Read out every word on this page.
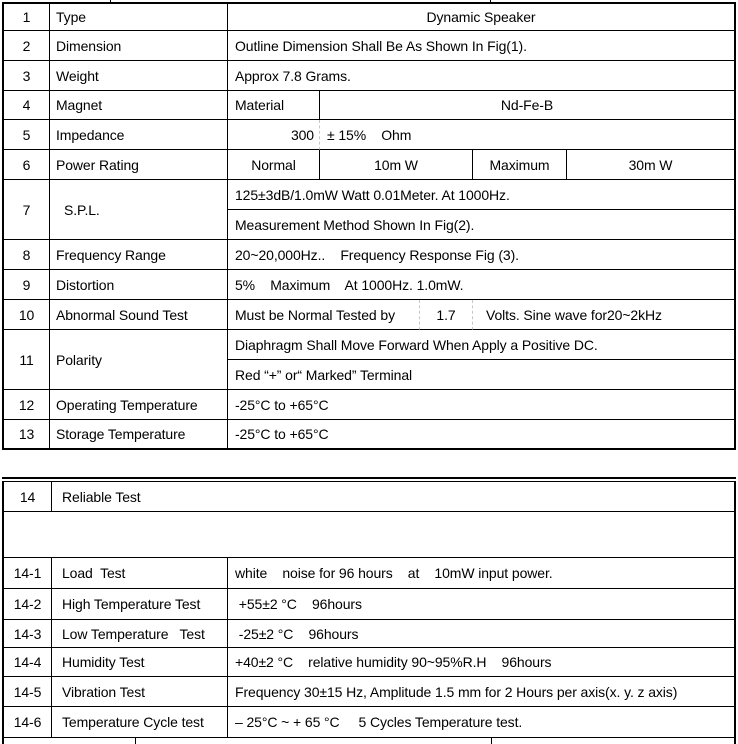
1	Type	Dynamic Speaker
2	Dimension	Outline Dimension Shall Be As Shown In Fig(1).
3	Weight	Approx 7.8 Grams.
4	Magnet	Material	Nd-Fe-B
5	Impedance	300 ± 15%    Ohm
6	Power Rating	Normal	10m W	Maximum	30m W
7	S.P.L.
125±3dB/1.0mW Watt 0.01Meter. At 1000Hz.
Measurement Method Shown In Fig(2).
8	Frequency Range	20~20,000Hz..    Frequency Response Fig (3).
9	Distortion	5%    Maximum    At 1000Hz. 1.0mW.
10	Abnormal Sound Test	Must be Normal Tested by	1.7	Volts. Sine wave for20~2kHz
11	Polarity
Diaphragm Shall Move Forward When Apply a Positive DC.
Red “+” or“ Marked” Terminal
12	Operating Temperature	-25°C to +65°C
13	Storage Temperature	-25°C to +65°C
14	Reliable Test

14-1	Load  Test	white    noise for 96 hours    at    10mW input power.
14-2	High Temperature Test	+55±2 °C    96hours
14-3	Low Temperature   Test	-25±2 °C    96hours
14-4	Humidity Test	+40±2 °C    relative humidity 90~95%R.H    96hours
14-5	Vibration Test	Frequency 30±15 Hz, Amplitude 1.5 mm for 2 Hours per axis(x. y. z axis)
14-6	Temperature Cycle test	– 25°C ~ + 65 °C     5 Cycles Temperature test.
